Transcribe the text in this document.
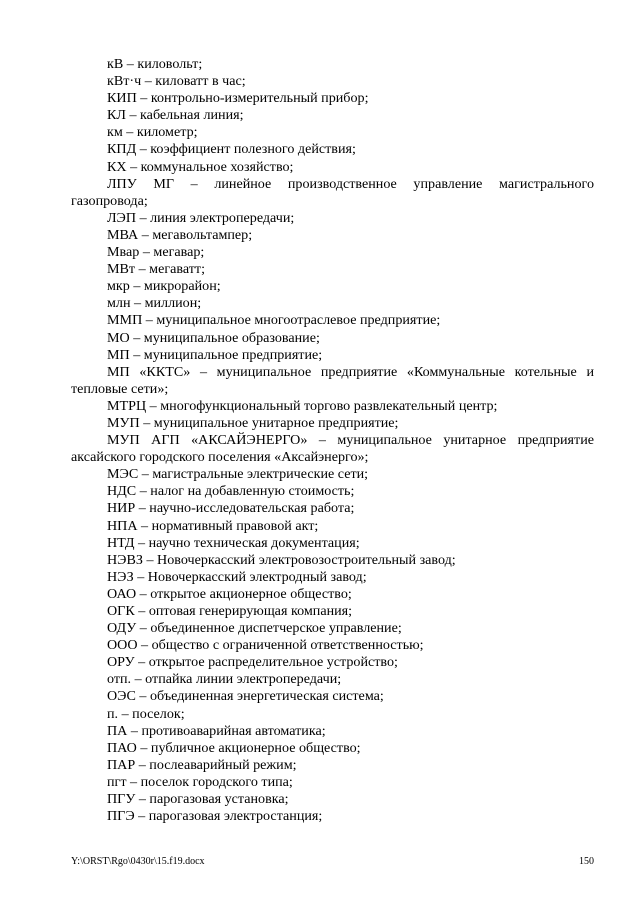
кВ – киловольт;

кВт·ч – киловатт в час;

КИП – контрольно-измерительный прибор;

КЛ – кабельная линия;

км – километр;

КПД – коэффициент полезного действия;

КХ – коммунальное хозяйство;

ЛПУ МГ – линейное производственное управление магистрального газопровода;

ЛЭП – линия электропередачи;

МВА – мегавольтампер;

Мвар – мегавар;

МВт – мегаватт;

мкр – микрорайон;

млн – миллион;

ММП – муниципальное многоотраслевое предприятие;

МО – муниципальное образование;

МП – муниципальное предприятие;

МП «ККТС» – муниципальное предприятие «Коммунальные котельные и тепловые сети»;

МТРЦ – многофункциональный торгово развлекательный центр;

МУП – муниципальное унитарное предприятие;

МУП АГП «АКСАЙЭНЕРГО» – муниципальное унитарное предприятие аксайского городского поселения «Аксайэнерго»;

МЭС – магистральные электрические сети;

НДС – налог на добавленную стоимость;

НИР – научно-исследовательская работа;

НПА – нормативный правовой акт;

НТД – научно техническая документация;

НЭВЗ – Новочеркасский электровозостроительный завод;

НЭЗ – Новочеркасский электродный завод;

ОАО – открытое акционерное общество;

ОГК – оптовая генерирующая компания;

ОДУ – объединенное диспетчерское управление;

ООО – общество с ограниченной ответственностью;

ОРУ – открытое распределительное устройство;

отп. – отпайка линии электропередачи;

ОЭС – объединенная энергетическая система;

п. – поселок;

ПА – противоаварийная автоматика;

ПАО – публичное акционерное общество;

ПАР – послеаварийный режим;

пгт – поселок городского типа;

ПГУ – парогазовая установка;

ПГЭ – парогазовая электростанция;

Y:\ORST\Rgo\0430r\15.f19.docx	150
